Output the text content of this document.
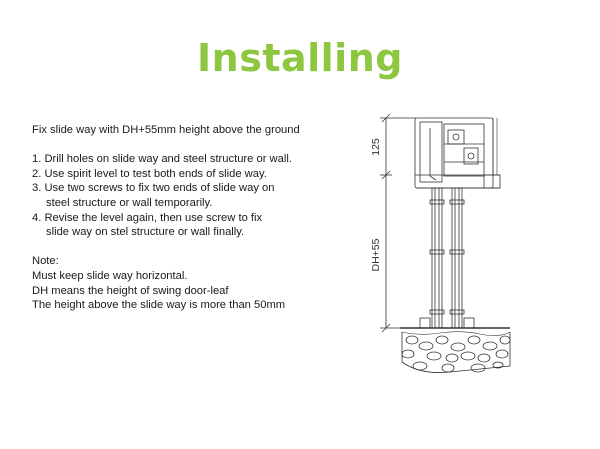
Installing
Fix slide way with DH+55mm height above the ground
1. Drill holes on slide way and steel structure or wall.
2. Use spirit level to test both ends of slide way.
3. Use two screws to fix two ends of slide way on
steel structure or wall temporarily.
4. Revise the level again, then use screw to fix
slide way on stel structure or wall finally.
Note:
Must keep slide way horizontal.
DH means the height of swing door-leaf
The height above the slide way is more than 50mm
125
DH+55
